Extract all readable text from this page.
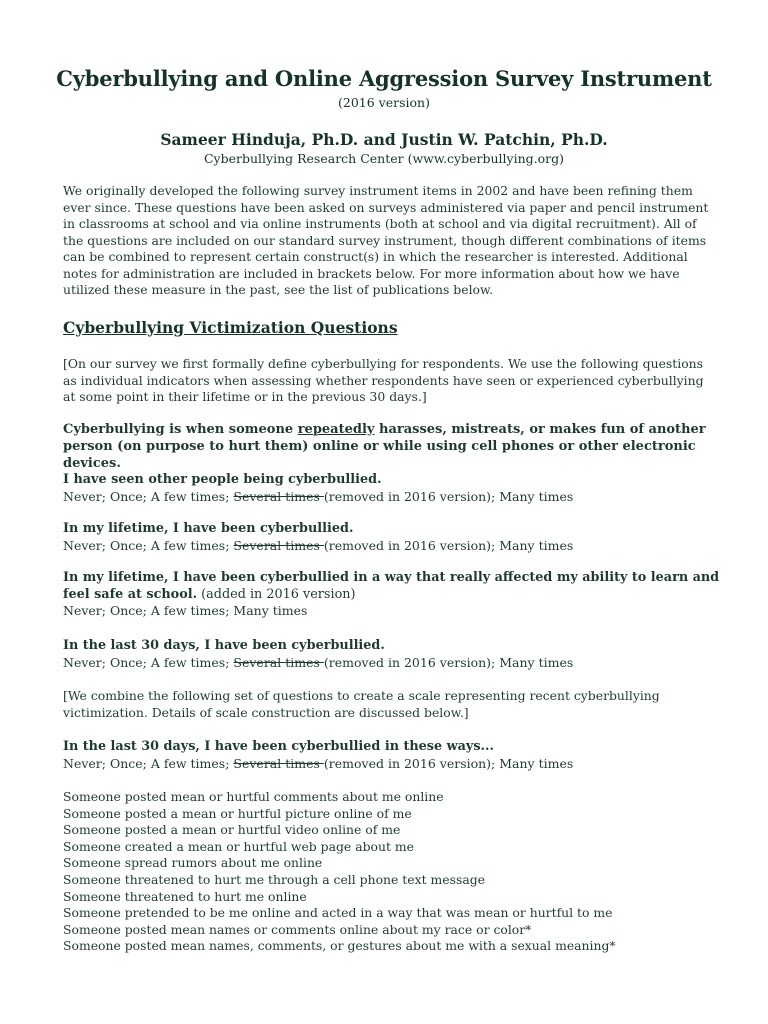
Cyberbullying and Online Aggression Survey Instrument
(2016 version)
Sameer Hinduja, Ph.D. and Justin W. Patchin, Ph.D.
Cyberbullying Research Center (www.cyberbullying.org)
We originally developed the following survey instrument items in 2002 and have been refining them ever since. These questions have been asked on surveys administered via paper and pencil instrument in classrooms at school and via online instruments (both at school and via digital recruitment). All of the questions are included on our standard survey instrument, though different combinations of items can be combined to represent certain construct(s) in which the researcher is interested. Additional notes for administration are included in brackets below. For more information about how we have utilized these measure in the past, see the list of publications below.
Cyberbullying Victimization Questions
[On our survey we first formally define cyberbullying for respondents. We use the following questions as individual indicators when assessing whether respondents have seen or experienced cyberbullying at some point in their lifetime or in the previous 30 days.]
Cyberbullying is when someone repeatedly harasses, mistreats, or makes fun of another person (on purpose to hurt them) online or while using cell phones or other electronic devices.
I have seen other people being cyberbullied.
Never; Once; A few times; Several times (removed in 2016 version); Many times
In my lifetime, I have been cyberbullied.
Never; Once; A few times; Several times (removed in 2016 version); Many times
In my lifetime, I have been cyberbullied in a way that really affected my ability to learn and feel safe at school. (added in 2016 version)
Never; Once; A few times; Many times
In the last 30 days, I have been cyberbullied.
Never; Once; A few times; Several times (removed in 2016 version); Many times
[We combine the following set of questions to create a scale representing recent cyberbullying victimization. Details of scale construction are discussed below.]
In the last 30 days, I have been cyberbullied in these ways...
Never; Once; A few times; Several times (removed in 2016 version); Many times
Someone posted mean or hurtful comments about me online
Someone posted a mean or hurtful picture online of me
Someone posted a mean or hurtful video online of me
Someone created a mean or hurtful web page about me
Someone spread rumors about me online
Someone threatened to hurt me through a cell phone text message
Someone threatened to hurt me online
Someone pretended to be me online and acted in a way that was mean or hurtful to me
Someone posted mean names or comments online about my race or color*
Someone posted mean names, comments, or gestures about me with a sexual meaning*
